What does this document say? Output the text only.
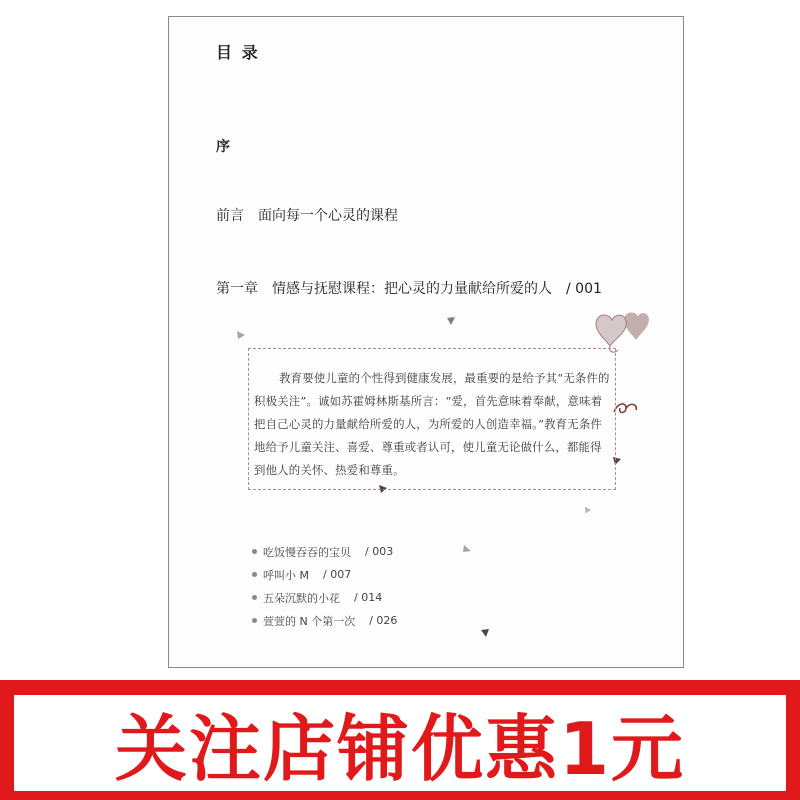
目 录
序
前言 面向每一个心灵的课程
第一章 情感与抚慰课程：把心灵的力量献给所爱的人 / 001

教育要使儿童的个性得到健康发展，最重要的是给予其“无条件的积极关注”。诚如苏霍姆林斯基所言：“爱，首先意味着奉献，意味着把自己心灵的力量献给所爱的人，为所爱的人创造幸福。”教育无条件地给予儿童关注、喜爱、尊重或者认可，使儿童无论做什么，都能得到他人的关怀、热爱和尊重。

吃饭慢吞吞的宝贝 / 003
呼叫小 M / 007
五朵沉默的小花 / 014
萱萱的 N 个第一次 / 026
关注店铺优惠1元
